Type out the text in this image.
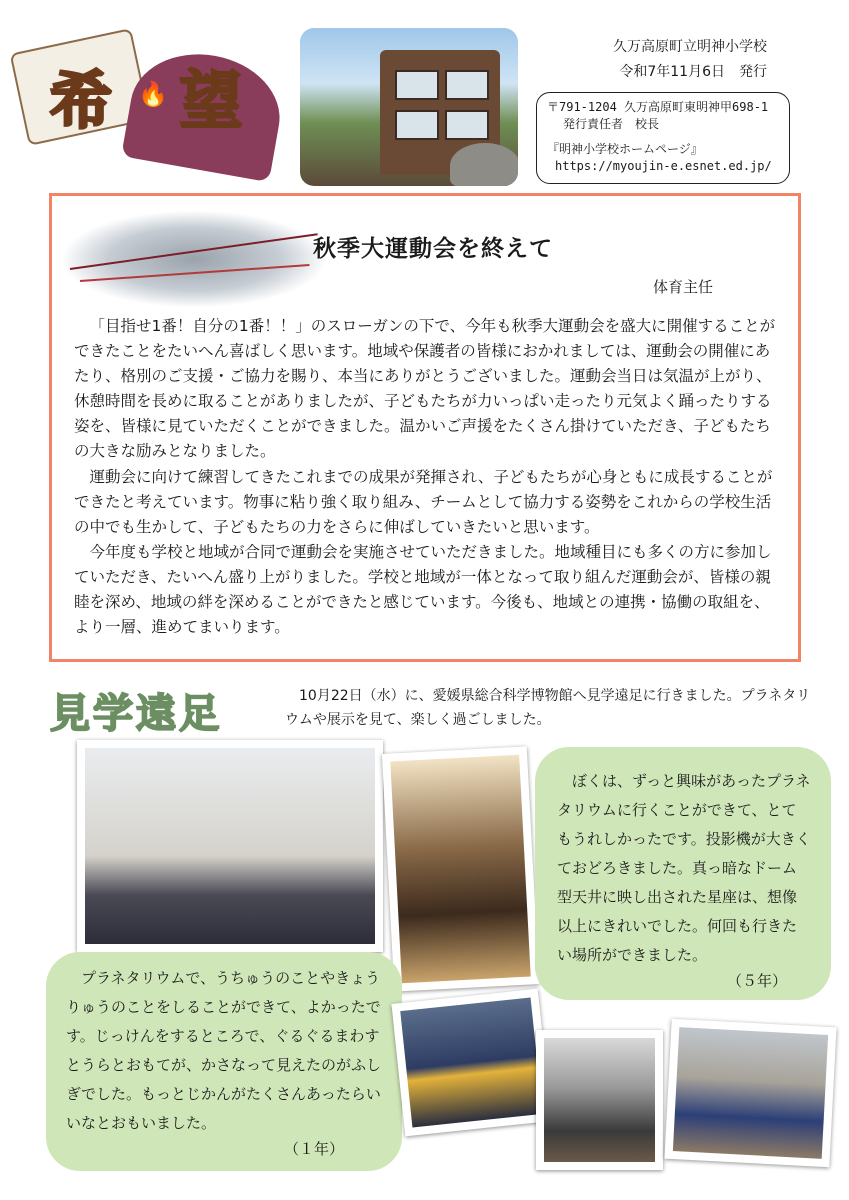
希 🔥 望
久万高原町立明神小学校
令和7年11月6日　発行
〒791-1204 久万高原町東明神甲698-1
発行責任者　校長
『明神小学校ホームページ』
https://myoujin-e.esnet.ed.jp/
秋季大運動会を終えて
体育主任

「目指せ1番！自分の1番！！」のスローガンの下で、今年も秋季大運動会を盛大に開催することができたことをたいへん喜ばしく思います。地域や保護者の皆様におかれましては、運動会の開催にあたり、格別のご支援・ご協力を賜り、本当にありがとうございました。運動会当日は気温が上がり、休憩時間を長めに取ることがありましたが、子どもたちが力いっぱい走ったり元気よく踊ったりする姿を、皆様に見ていただくことができました。温かいご声援をたくさん掛けていただき、子どもたちの大きな励みとなりました。

運動会に向けて練習してきたこれまでの成果が発揮され、子どもたちが心身ともに成長することができたと考えています。物事に粘り強く取り組み、チームとして協力する姿勢をこれからの学校生活の中でも生かして、子どもたちの力をさらに伸ばしていきたいと思います。

今年度も学校と地域が合同で運動会を実施させていただきました。地域種目にも多くの方に参加していただき、たいへん盛り上がりました。学校と地域が一体となって取り組んだ運動会が、皆様の親睦を深め、地域の絆を深めることができたと感じています。今後も、地域との連携・協働の取組を、より一層、進めてまいります。

見学遠足	10月22日（水）に、愛媛県総合科学博物館へ見学遠足に行きました。プラネタリウムや展示を見て、楽しく過ごしました。

ぼくは、ずっと興味があったプラネタリウムに行くことができて、とてもうれしかったです。投影機が大きくておどろきました。真っ暗なドーム型天井に映し出された星座は、想像以上にきれいでした。何回も行きたい場所ができました。

（５年）

プラネタリウムで、うちゅうのことやきょうりゅうのことをしることができて、よかったです。じっけんをするところで、ぐるぐるまわすとうらとおもてが、かさなって見えたのがふしぎでした。もっとじかんがたくさんあったらいいなとおもいました。

（１年）
